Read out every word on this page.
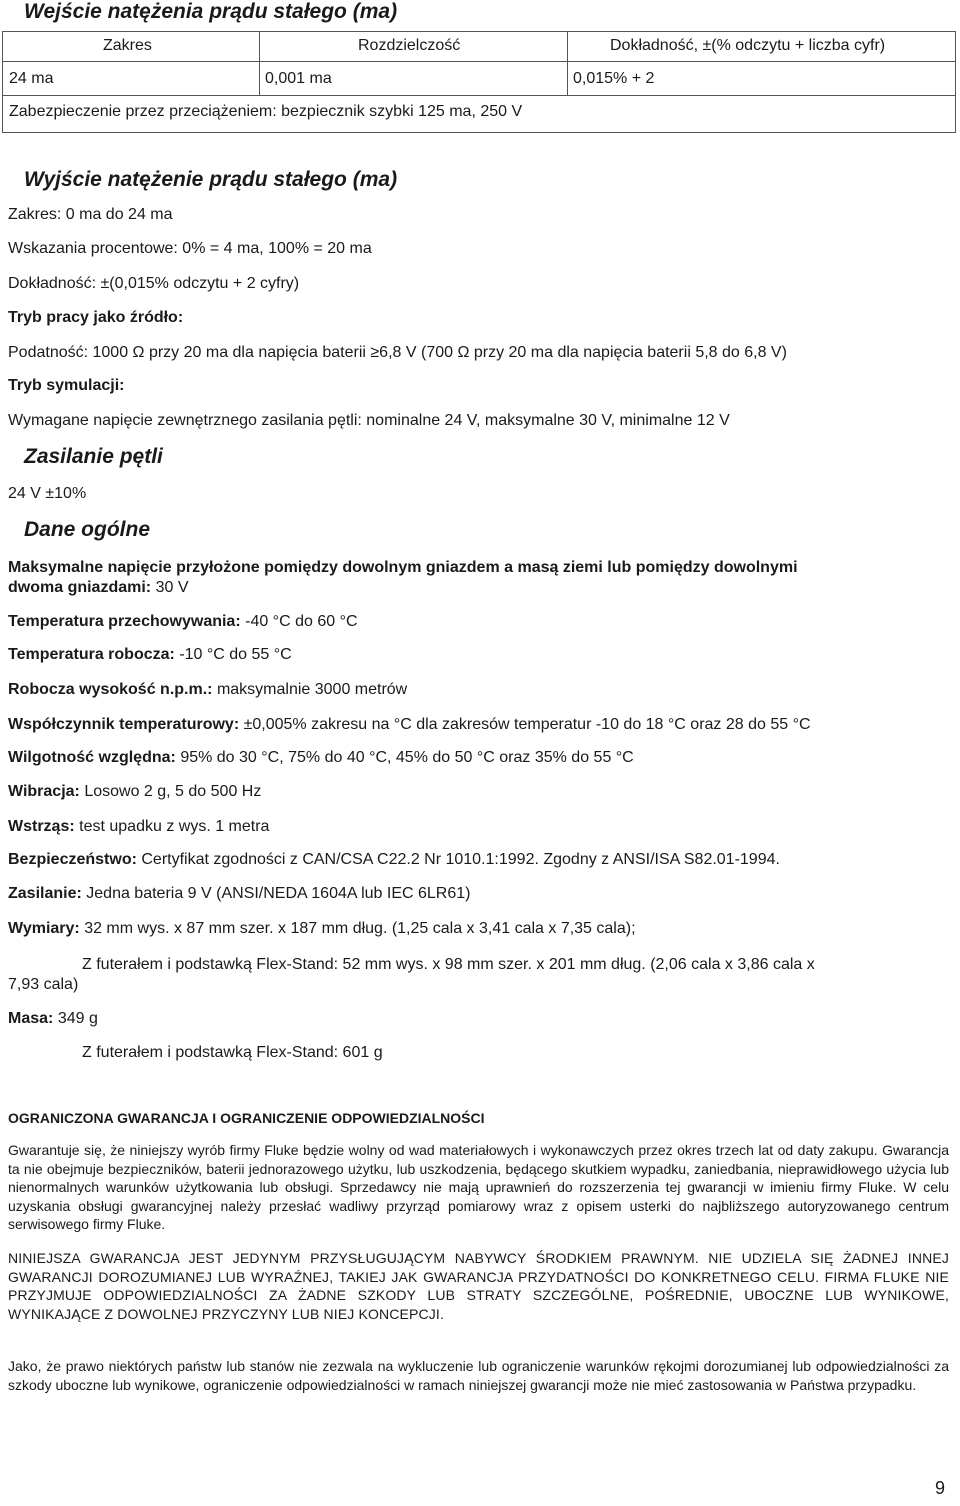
Wejście natężenia prądu stałego (ma)
Zakres	Rozdzielczość	Dokładność, ±(% odczytu + liczba cyfr)
24 ma	0,001 ma	0,015% + 2
Zabezpieczenie przez przeciążeniem: bezpiecznik szybki 125 ma, 250 V
Wyjście natężenie prądu stałego (ma)
Zakres: 0 ma do 24 ma
Wskazania procentowe: 0% = 4 ma, 100% = 20 ma
Dokładność: ±(0,015% odczytu + 2 cyfry)
Tryb pracy jako źródło:
Podatność: 1000 Ω przy 20 ma dla napięcia baterii ≥6,8 V (700 Ω przy 20 ma dla napięcia baterii 5,8 do 6,8 V)
Tryb symulacji:
Wymagane napięcie zewnętrznego zasilania pętli: nominalne 24 V, maksymalne 30 V, minimalne 12 V
Zasilanie pętli
24 V ±10%
Dane ogólne
Maksymalne napięcie przyłożone pomiędzy dowolnym gniazdem a masą ziemi lub pomiędzy dowolnymi
dwoma gniazdami: 30 V
Temperatura przechowywania: -40 °C do 60 °C
Temperatura robocza: -10 °C do 55 °C
Robocza wysokość n.p.m.: maksymalnie 3000 metrów
Współczynnik temperaturowy: ±0,005% zakresu na °C dla zakresów temperatur -10 do 18 °C oraz 28 do 55 °C
Wilgotność względna: 95% do 30 °C, 75% do 40 °C, 45% do 50 °C oraz 35% do 55 °C
Wibracja: Losowo 2 g, 5 do 500 Hz
Wstrząs: test upadku z wys. 1 metra
Bezpieczeństwo: Certyfikat zgodności z CAN/CSA C22.2 Nr 1010.1:1992. Zgodny z ANSI/ISA S82.01-1994.
Zasilanie: Jedna bateria 9 V (ANSI/NEDA 1604A lub IEC 6LR61)
Wymiary: 32 mm wys. x 87 mm szer. x 187 mm dług. (1,25 cala x 3,41 cala x 7,35 cala);
Z futerałem i podstawką Flex-Stand: 52 mm wys. x 98 mm szer. x 201 mm dług. (2,06 cala x 3,86 cala x
7,93 cala)
Masa: 349 g
Z futerałem i podstawką Flex-Stand: 601 g
OGRANICZONA GWARANCJA I OGRANICZENIE ODPOWIEDZIALNOŚCI

Gwarantuje się, że niniejszy wyrób firmy Fluke będzie wolny od wad materiałowych i wykonawczych przez okres trzech lat od daty zakupu. Gwarancja ta nie obejmuje bezpieczników, baterii jednorazowego użytku, lub uszkodzenia, będącego skutkiem wypadku, zaniedbania, nieprawidłowego użycia lub nienormalnych warunków użytkowania lub obsługi. Sprzedawcy nie mają uprawnień do rozszerzenia tej gwarancji w imieniu firmy Fluke. W celu uzyskania obsługi gwarancyjnej należy przesłać wadliwy przyrząd pomiarowy wraz z opisem usterki do najbliższego autoryzowanego centrum serwisowego firmy Fluke.

NINIEJSZA GWARANCJA JEST JEDYNYM PRZYSŁUGUJĄCYM NABYWCY ŚRODKIEM PRAWNYM. NIE UDZIELA SIĘ ŻADNEJ INNEJ GWARANCJI DOROZUMIANEJ LUB WYRAŹNEJ, TAKIEJ JAK GWARANCJA PRZYDATNOŚCI DO KONKRETNEGO CELU. FIRMA FLUKE NIE PRZYJMUJE ODPOWIEDZIALNOŚCI ZA ŻADNE SZKODY LUB STRATY SZCZEGÓLNE, POŚREDNIE, UBOCZNE LUB WYNIKOWE, WYNIKAJĄCE Z DOWOLNEJ PRZYCZYNY LUB NIEJ KONCEPCJI.

Jako, że prawo niektórych państw lub stanów nie zezwala na wykluczenie lub ograniczenie warunków rękojmi dorozumianej lub odpowiedzialności za szkody uboczne lub wynikowe, ograniczenie odpowiedzialności w ramach niniejszej gwarancji może nie mieć zastosowania w Państwa przypadku.

9
